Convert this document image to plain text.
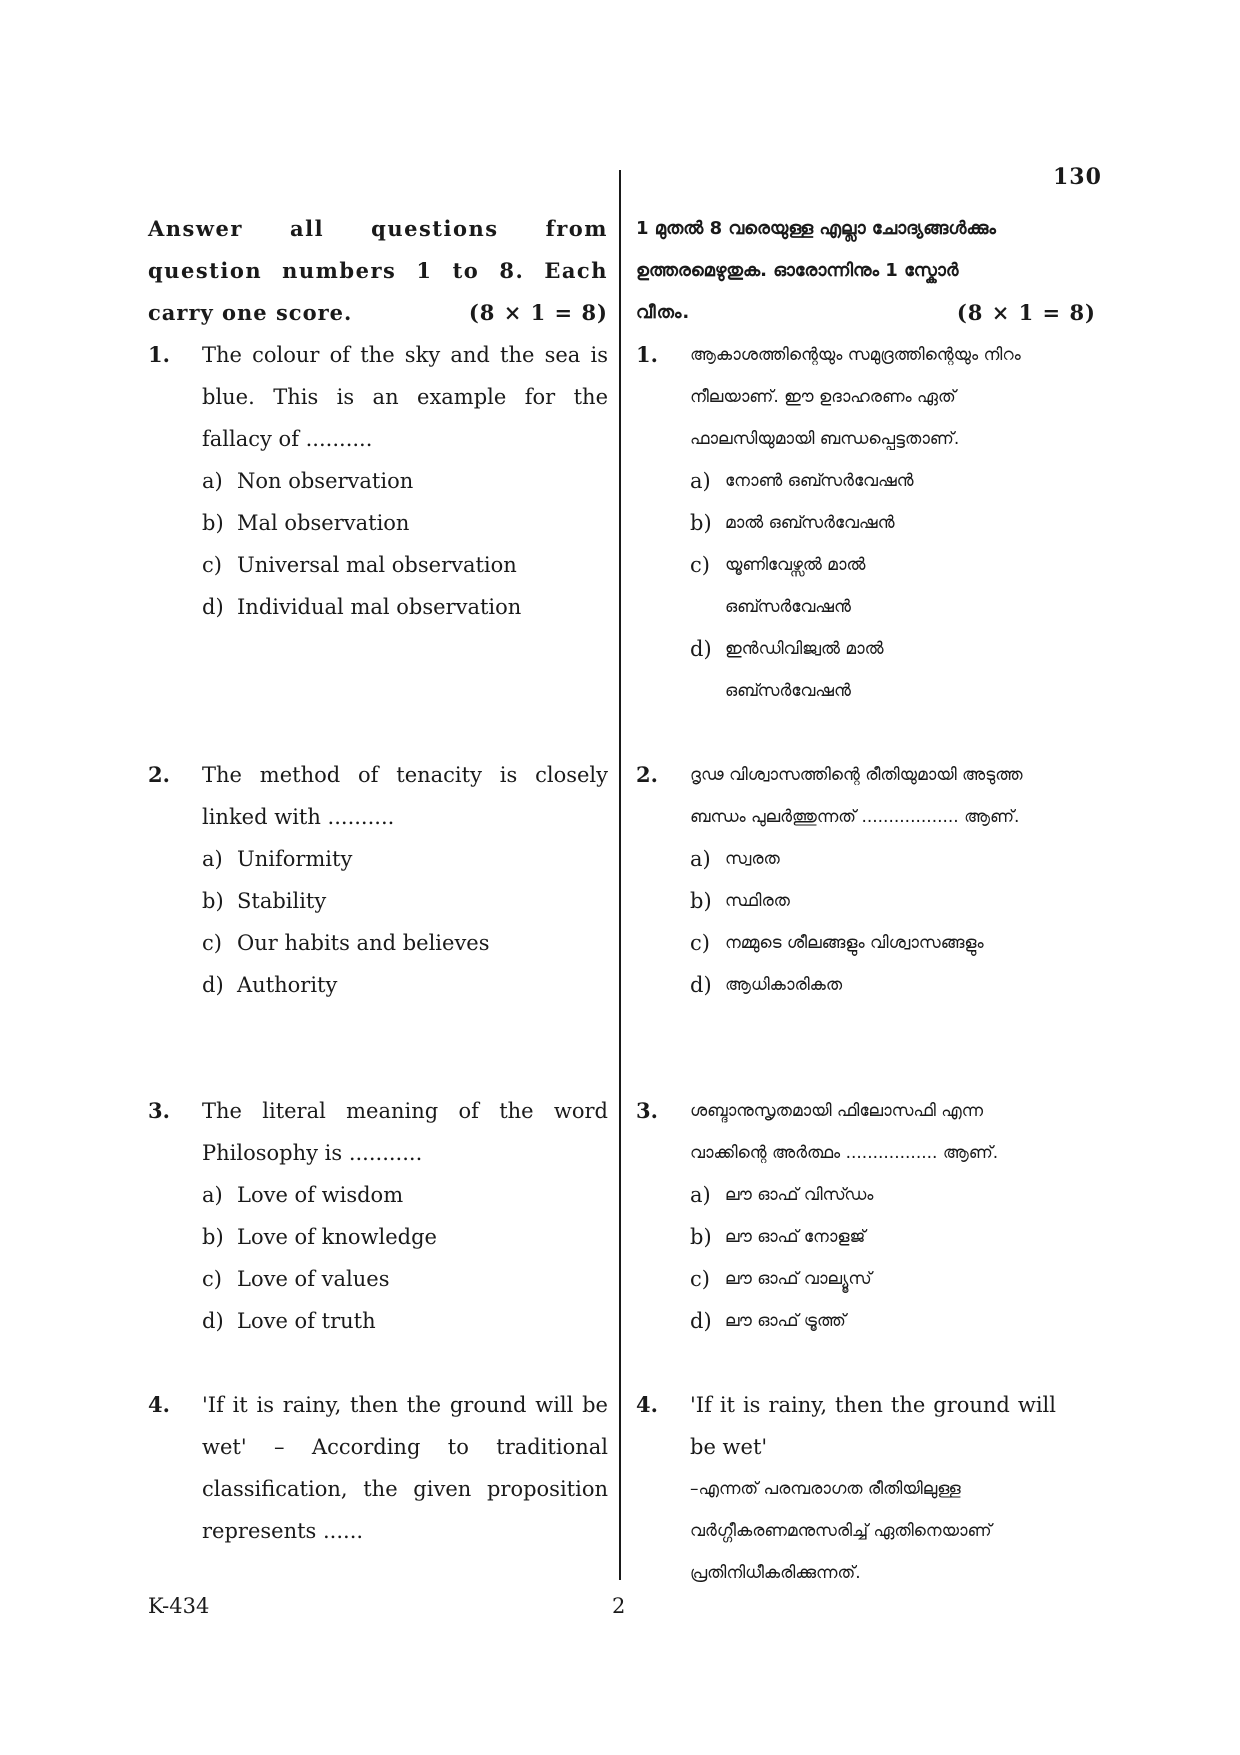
130
Answer all questions from
question numbers 1 to 8. Each
carry one score.	(8 × 1 = 8)
1. The colour of the sky and the sea is blue. This is an example for the fallacy of ..........
a) Non observation
b) Mal observation
c) Universal mal observation
d) Individual mal observation
2. The method of tenacity is closely linked with ..........
a) Uniformity
b) Stability
c) Our habits and believes
d) Authority
3. The literal meaning of the word Philosophy is ...........
a) Love of wisdom
b) Love of knowledge
c) Love of values
d) Love of truth
4. 'If it is rainy, then the ground will be wet' – According to traditional classification, the given proposition represents ......
1 മുതൽ 8 വരെയുള്ള എല്ലാ ചോദ്യങ്ങൾക്കും
ഉത്തരമെഴുതുക. ഓരോന്നിനും 1 സ്കോർ
വീതം.	(8 × 1 = 8)
1. ആകാശത്തിന്റെയും സമുദ്രത്തിന്റെയും നിറം നീലയാണ്. ഈ ഉദാഹരണം ഏത് ഫാലസിയുമായി ബന്ധപ്പെട്ടതാണ്.
a) നോൺ ഒബ്സർവേഷൻ
b) മാൽ ഒബ്സർവേഷൻ
c) യൂണിവേഴ്സൽ മാൽ ഒബ്സർവേഷൻ
d) ഇൻഡിവിജ്വൽ മാൽ ഒബ്സർവേഷൻ
2. ദൃഢ വിശ്വാസത്തിന്റെ രീതിയുമായി അടുത്ത ബന്ധം പുലർത്തുന്നത് .................. ആണ്.
a) സ്വരത
b) സ്ഥിരത
c) നമ്മുടെ ശീലങ്ങളും വിശ്വാസങ്ങളും
d) ആധികാരികത
3. ശബ്ദാനുസൃതമായി ഫിലോസഫി എന്ന വാക്കിന്റെ അർത്ഥം ................. ആണ്.
a) ലൗ ഓഫ് വിസ്ഡം
b) ലൗ ഓഫ് നോളജ്
c) ലൗ ഓഫ് വാല്യൂസ്
d) ലൗ ഓഫ് ട്രൂത്ത്
4. 'If it is rainy, then the ground will be wet'
–എന്നത് പരമ്പരാഗത രീതിയിലുള്ള വർഗ്ഗീകരണമനുസരിച്ച് ഏതിനെയാണ് പ്രതിനിധീകരിക്കുന്നത്.
K-434	2
